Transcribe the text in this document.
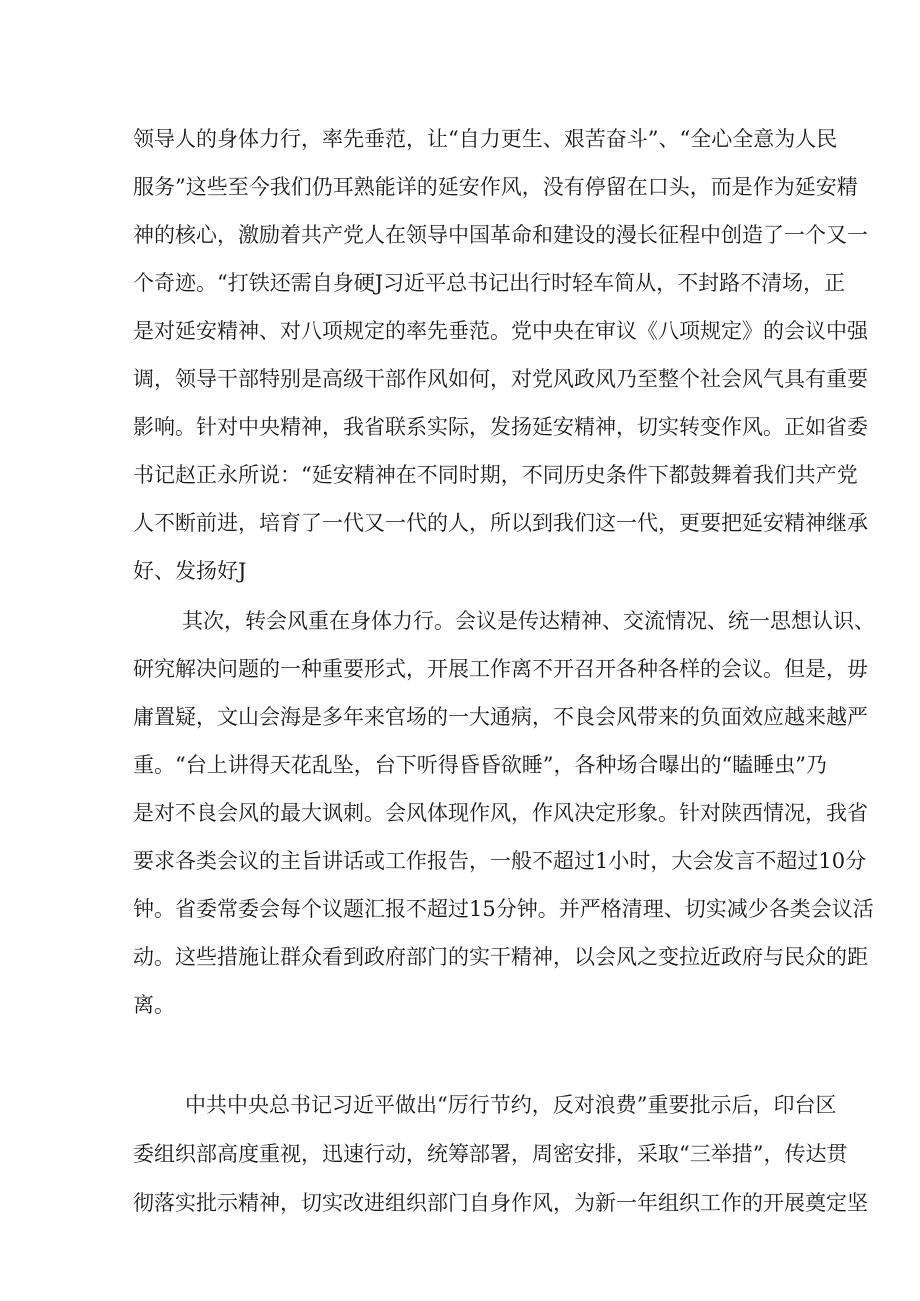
领导人的身体力行，率先垂范，让“自力更生、艰苦奋斗”、“全心全意为人民

服务”这些至今我们仍耳熟能详的延安作风，没有停留在口头，而是作为延安精

神的核心，激励着共产党人在领导中国革命和建设的漫长征程中创造了一个又一

个奇迹。“打铁还需自身硬J习近平总书记出行时轻车简从，不封路不清场，正

是对延安精神、对八项规定的率先垂范。党中央在审议《八项规定》的会议中强

调，领导干部特别是高级干部作风如何，对党风政风乃至整个社会风气具有重要

影响。针对中央精神，我省联系实际，发扬延安精神，切实转变作风。正如省委

书记赵正永所说：“延安精神在不同时期，不同历史条件下都鼓舞着我们共产党

人不断前进，培育了一代又一代的人，所以到我们这一代，更要把延安精神继承

好、发扬好J

其次，转会风重在身体力行。会议是传达精神、交流情况、统一思想认识、

研究解决问题的一种重要形式，开展工作离不开召开各种各样的会议。但是，毋

庸置疑，文山会海是多年来官场的一大通病，不良会风带来的负面效应越来越严

重。“台上讲得天花乱坠，台下听得昏昏欲睡”，各种场合曝出的“瞌睡虫”乃

是对不良会风的最大讽刺。会风体现作风，作风决定形象。针对陕西情况，我省

要求各类会议的主旨讲话或工作报告，一般不超过1小时，大会发言不超过10分

钟。省委常委会每个议题汇报不超过15分钟。并严格清理、切实减少各类会议活

动。这些措施让群众看到政府部门的实干精神，以会风之变拉近政府与民众的距

离。

中共中央总书记习近平做出“厉行节约，反对浪费”重要批示后，印台区

委组织部高度重视，迅速行动，统筹部署，周密安排，采取“三举措”，传达贯

彻落实批示精神，切实改进组织部门自身作风，为新一年组织工作的开展奠定坚
